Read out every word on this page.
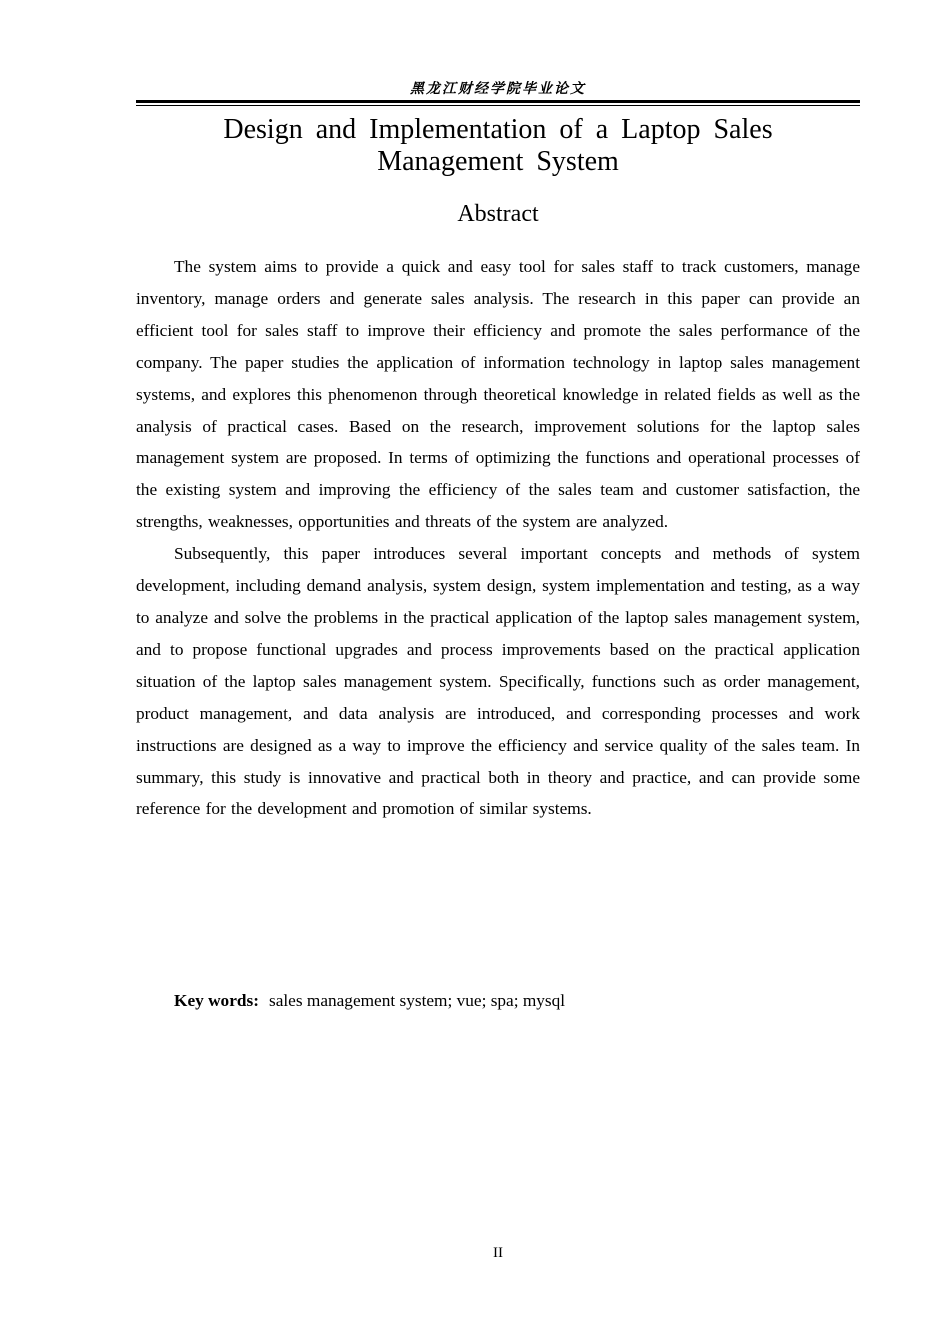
黑龙江财经学院毕业论文
Design and Implementation of a Laptop Sales
Management System
Abstract

The system aims to provide a quick and easy tool for sales staff to track customers, manage inventory, manage orders and generate sales analysis. The research in this paper can provide an efficient tool for sales staff to improve their efficiency and promote the sales performance of the company. The paper studies the application of information technology in laptop sales management systems, and explores this phenomenon through theoretical knowledge in related fields as well as the analysis of practical cases. Based on the research, improvement solutions for the laptop sales management system are proposed. In terms of optimizing the functions and operational processes of the existing system and improving the efficiency of the sales team and customer satisfaction, the strengths, weaknesses, opportunities and threats of the system are analyzed.

Subsequently, this paper introduces several important concepts and methods of system development, including demand analysis, system design, system implementation and testing, as a way to analyze and solve the problems in the practical application of the laptop sales management system, and to propose functional upgrades and process improvements based on the practical application situation of the laptop sales management system. Specifically, functions such as order management, product management, and data analysis are introduced, and corresponding processes and work instructions are designed as a way to improve the efficiency and service quality of the sales team. In summary, this study is innovative and practical both in theory and practice, and can provide some reference for the development and promotion of similar systems.

Key words: sales management system; vue; spa; mysql
II
